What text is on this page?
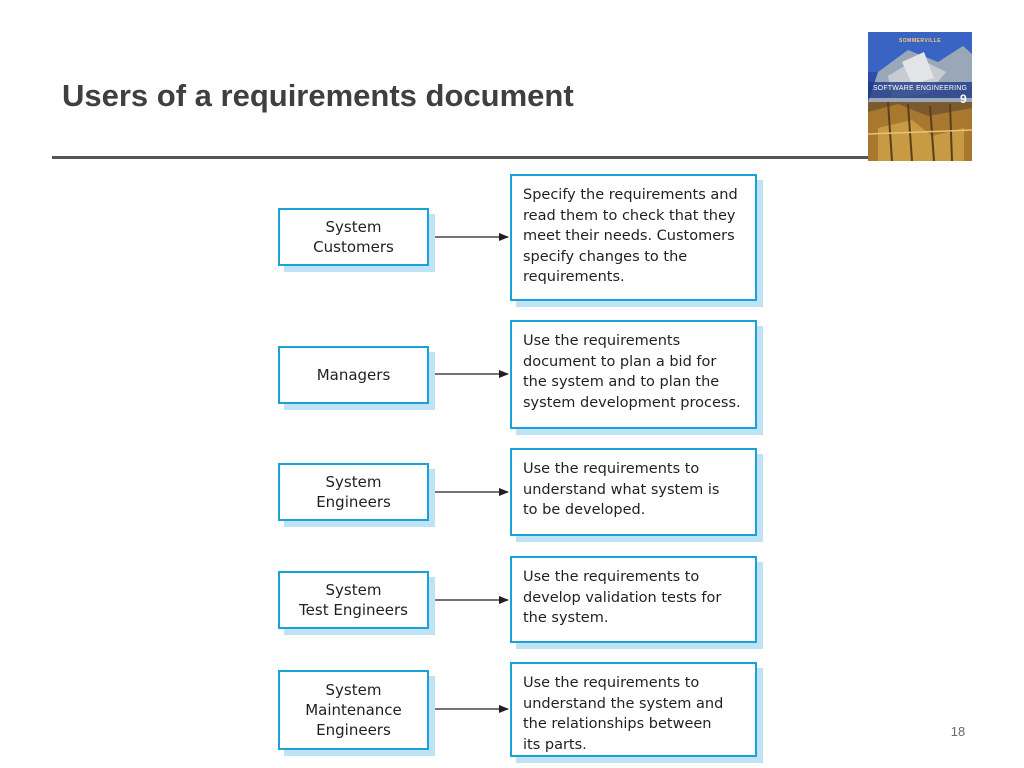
Users of a requirements document
SOMMERVILLE
SOFTWARE ENGINEERING
9
System
Customers
Specify the requirements and
read them to check that they
meet their needs. Customers
specify changes to the
requirements.
Managers
Use the requirements
document to plan a bid for
the system and to plan the
system development process.
System
Engineers
Use the requirements to
understand what system is
to be developed.
System
Test Engineers
Use the requirements to
develop validation tests for
the system.
System
Maintenance
Engineers
Use the requirements to
understand the system and
the relationships between
its parts.
18
